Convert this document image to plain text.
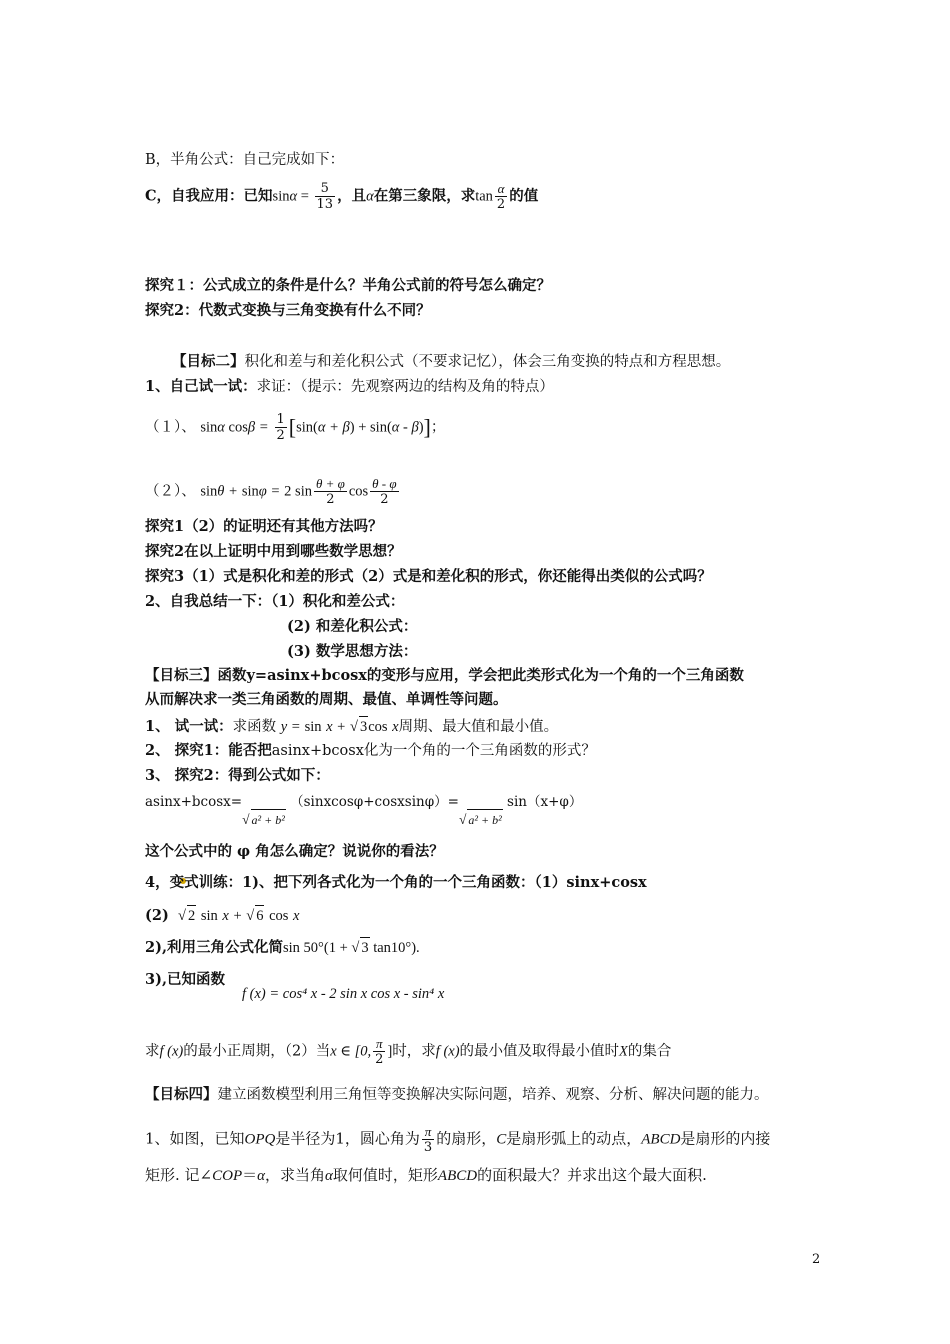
B，半角公式：自己完成如下：
C，自我应用：已知$\sin\alpha = \frac{5}{13}$ ，且α在第三象限，求$\tan \frac{\alpha}{2}$ 的值
探究１：公式成立的条件是什么？半角公式前的符号怎么确定？
探究2：代数式变换与三角变换有什么不同？
【目标二】积化和差与和差化积公式（不要求记忆），体会三角变换的特点和方程思想。
1、自己试一试：求证：（提示：先观察两边的结构及角的特点）
（１）、 sinα $\cos\beta = \frac{1}{2} [\sin(\alpha + \beta) + \sin(\alpha - \beta)]$；
（２）、 sinθ + sinφ = 2 $\sin \frac{\theta + \varphi}{2}$ $\cos \frac{\theta - \varphi}{2}$
探究1（2）的证明还有其他方法吗？
探究2在以上证明中用到哪些数学思想？
探究3（1）式是积化和差的形式（2）式是和差化积的形式，你还能得出类似的公式吗？
2、自我总结一下：（1）积化和差公式：
(2) 和差化积公式：
(3) 数学思想方法：
【目标三】函数y=asinx+bcosx的变形与应用，学会把此类形式化为一个角的一个三角函数
从而解决求一类三角函数的周期、最值、单调性等问题。
1、 试一试：求函数 y = sin x + √ 3cos x周期、最大值和最小值。
2、 探究1：能否把asinx+bcosx化为一个角的一个三角函数的形式？
3、 探究2：得到公式如下：
asinx+bcosx=√ a² + b² （sinxcosφ+cosxsinφ）=√ a² + b² sin（x+φ）
这个公式中的 φ 角怎么确定？说说你的看法？
4，变式训练：1)、把下列各式化为一个角的一个三角函数：（1）sinx+cosx
(2) √ 2 sin x + √ 6 cos x
2),利用三角公式化简sin 50°(1 + √ 3 tan10°).
3),已知函数
f (x) = cos⁴ x - 2 sin x cos x - sin⁴ x
求f (x)的最小正周期，（2）当x ∈ [0, $\frac{\pi}{2}$ ]时，求f (x)的最小值及取得最小值时X的集合
【目标四】建立函数模型利用三角恒等变换解决实际问题，培养、观察、分析、解决问题的能力。
1、如图，已知OPQ是半径为1，圆心角为 $\frac{\pi}{3}$ 的扇形，C是扇形弧上的动点，ABCD是扇形的内接
矩形. 记∠COP＝α，求当角α取何值时，矩形ABCD的面积最大？并求出这个最大面积.
2
